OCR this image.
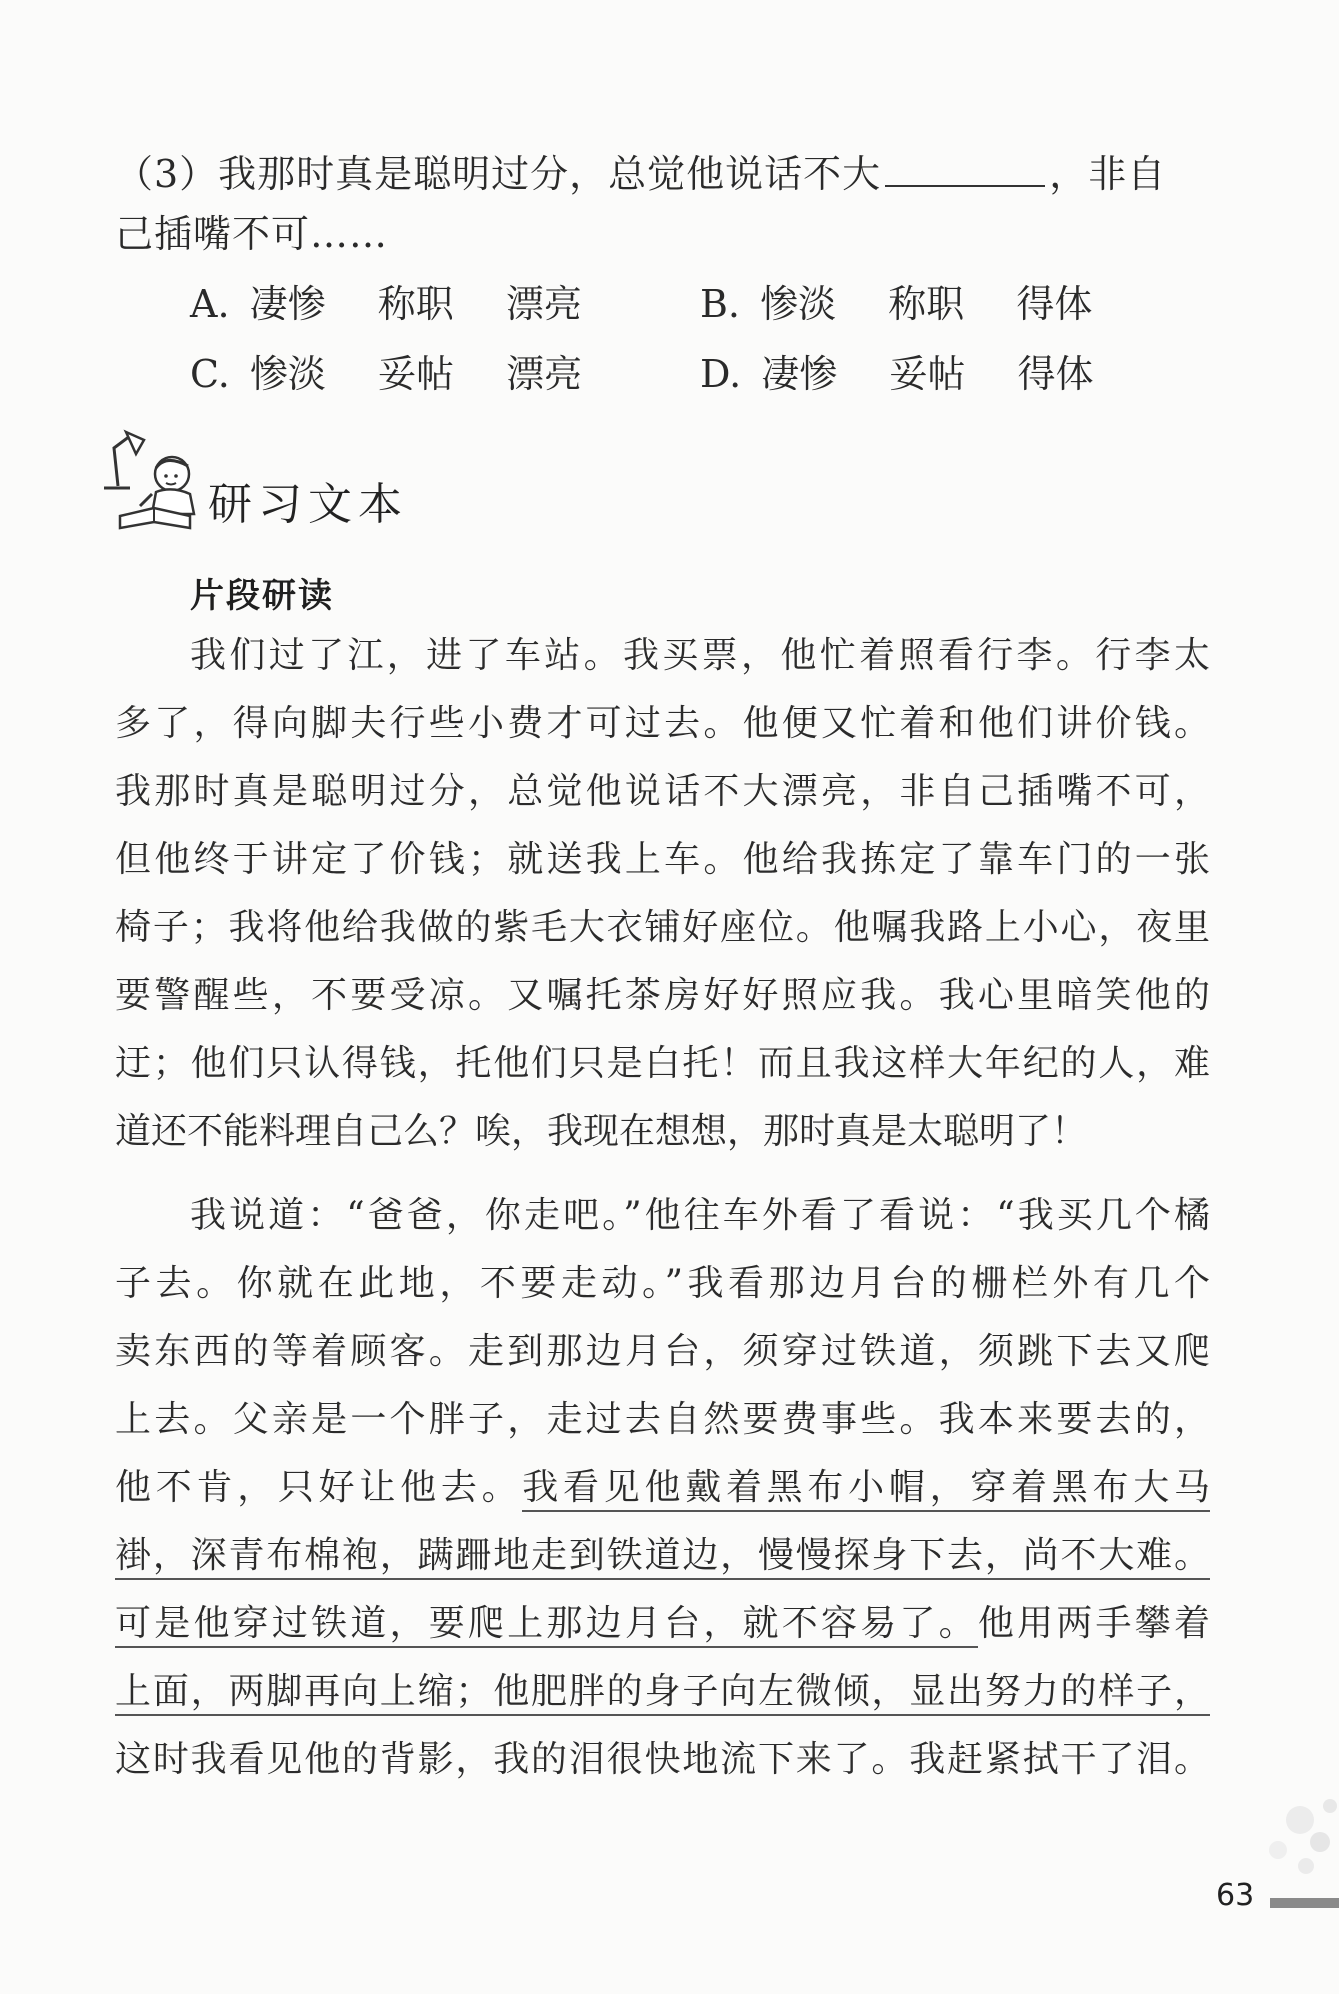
（3）我那时真是聪明过分，总觉他说话不大	，非自
己插嘴不可……
A. 凄惨 称职 漂亮	B. 惨淡 称职 得体
C. 惨淡 妥帖 漂亮	D. 凄惨 妥帖 得体
研习文本
片段研读
我们过了江，进了车站。我买票，他忙着照看行李。行李太
多了，得向脚夫行些小费才可过去。他便又忙着和他们讲价钱。
我那时真是聪明过分，总觉他说话不大漂亮，非自己插嘴不可，
但他终于讲定了价钱；就送我上车。他给我拣定了靠车门的一张
椅子；我将他给我做的紫毛大衣铺好座位。他嘱我路上小心，夜里
要警醒些，不要受凉。又嘱托茶房好好照应我。我心里暗笑他的
迂；他们只认得钱，托他们只是白托！而且我这样大年纪的人，难
道还不能料理自己么？唉，我现在想想，那时真是太聪明了！
我说道：“爸爸，你走吧。”他往车外看了看说：“我买几个橘
子去。你就在此地，不要走动。”我看那边月台的栅栏外有几个
卖东西的等着顾客。走到那边月台，须穿过铁道，须跳下去又爬
上去。父亲是一个胖子，走过去自然要费事些。我本来要去的，
他不肯，只好让他去。我看见他戴着黑布小帽，穿着黑布大马
褂，深青布棉袍，蹒跚地走到铁道边，慢慢探身下去，尚不大难。
可是他穿过铁道，要爬上那边月台，就不容易了。他用两手攀着
上面，两脚再向上缩；他肥胖的身子向左微倾，显出努力的样子，
这时我看见他的背影，我的泪很快地流下来了。我赶紧拭干了泪。
63
